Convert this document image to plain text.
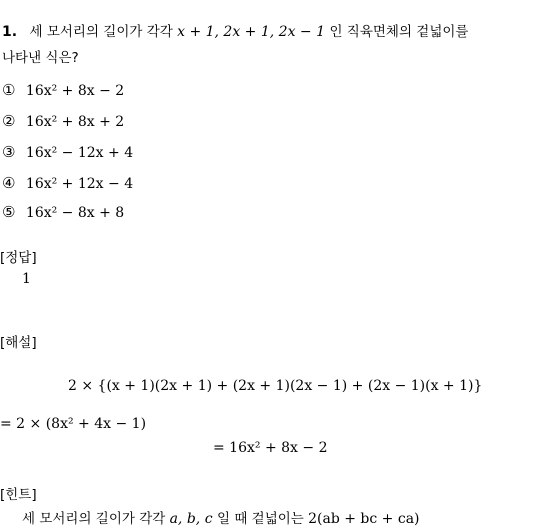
1. 세 모서리의 길이가 각각 x + 1, 2x + 1, 2x − 1 인 직육면체의 겉넓이를
나타낸 식은?
① 16x² + 8x − 2
② 16x² + 8x + 2
③ 16x² − 12x + 4
④ 16x² + 12x − 4
⑤ 16x² − 8x + 8
[정답]
1
[해설]
2 × {(x + 1)(2x + 1) + (2x + 1)(2x − 1) + (2x − 1)(x + 1)}
= 2 × (8x² + 4x − 1)
= 16x² + 8x − 2
[힌트]
세 모서리의 길이가 각각 a, b, c 일 때 겉넓이는 2(ab + bc + ca)
